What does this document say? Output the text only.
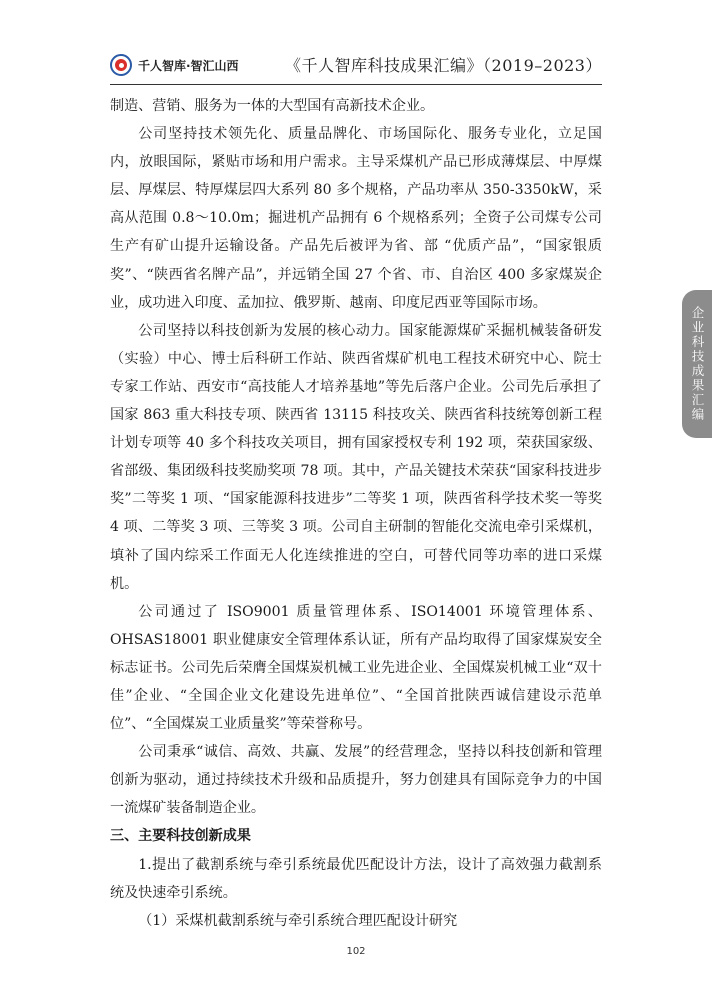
千人智库·智汇山西	《千人智库科技成果汇编》（2019–2023）

制造、营销、服务为一体的大型国有高新技术企业。

公司坚持技术领先化、质量品牌化、市场国际化、服务专业化，立足国内，放眼国际，紧贴市场和用户需求。主导采煤机产品已形成薄煤层、中厚煤层、厚煤层、特厚煤层四大系列 80 多个规格，产品功率从 350-3350kW，采高从范围 0.8～10.0m；掘进机产品拥有 6 个规格系列；全资子公司煤专公司生产有矿山提升运输设备。产品先后被评为省、部 “优质产品”，“国家银质奖”、“陕西省名牌产品”，并远销全国 27 个省、市、自治区 400 多家煤炭企业，成功进入印度、孟加拉、俄罗斯、越南、印度尼西亚等国际市场。

公司坚持以科技创新为发展的核心动力。国家能源煤矿采掘机械装备研发（实验）中心、博士后科研工作站、陕西省煤矿机电工程技术研究中心、院士专家工作站、西安市“高技能人才培养基地”等先后落户企业。公司先后承担了国家 863 重大科技专项、陕西省 13115 科技攻关、陕西省科技统筹创新工程计划专项等 40 多个科技攻关项目，拥有国家授权专利 192 项，荣获国家级、省部级、集团级科技奖励奖项 78 项。其中，产品关键技术荣获“国家科技进步奖”二等奖 1 项、“国家能源科技进步”二等奖 1 项，陕西省科学技术奖一等奖 4 项、二等奖 3 项、三等奖 3 项。公司自主研制的智能化交流电牵引采煤机，填补了国内综采工作面无人化连续推进的空白，可替代同等功率的进口采煤机。

公司通过了 ISO9001 质量管理体系、ISO14001 环境管理体系、OHSAS18001 职业健康安全管理体系认证，所有产品均取得了国家煤炭安全标志证书。公司先后荣膺全国煤炭机械工业先进企业、全国煤炭机械工业“双十佳”企业、“全国企业文化建设先进单位”、“全国首批陕西诚信建设示范单位”、“全国煤炭工业质量奖”等荣誉称号。

公司秉承“诚信、高效、共赢、发展”的经营理念，坚持以科技创新和管理创新为驱动，通过持续技术升级和品质提升，努力创建具有国际竞争力的中国一流煤矿装备制造企业。

三、主要科技创新成果

1.提出了截割系统与牵引系统最优匹配设计方法，设计了高效强力截割系统及快速牵引系统。

（1）采煤机截割系统与牵引系统合理匹配设计研究

企业科技成果汇编
102
